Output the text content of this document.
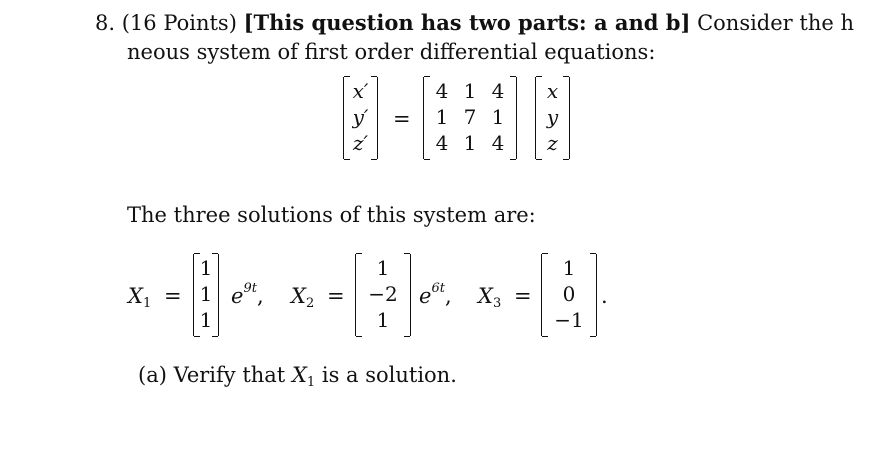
8. (16 Points) [This question has two parts: a and b] Consider the h
neous system of first order differential equations:
x′
y′
z′
=
4 1 4
1 7 1
4 1 4
x
y
z
The three solutions of this system are:
$X_1$ =
1
1
1
$e^{9t}$, $X_2$ =
1
−2
1
$e^{6t}$, $X_3$ =
1
0
−1
.
(a) Verify that $X_1$ is a solution.
